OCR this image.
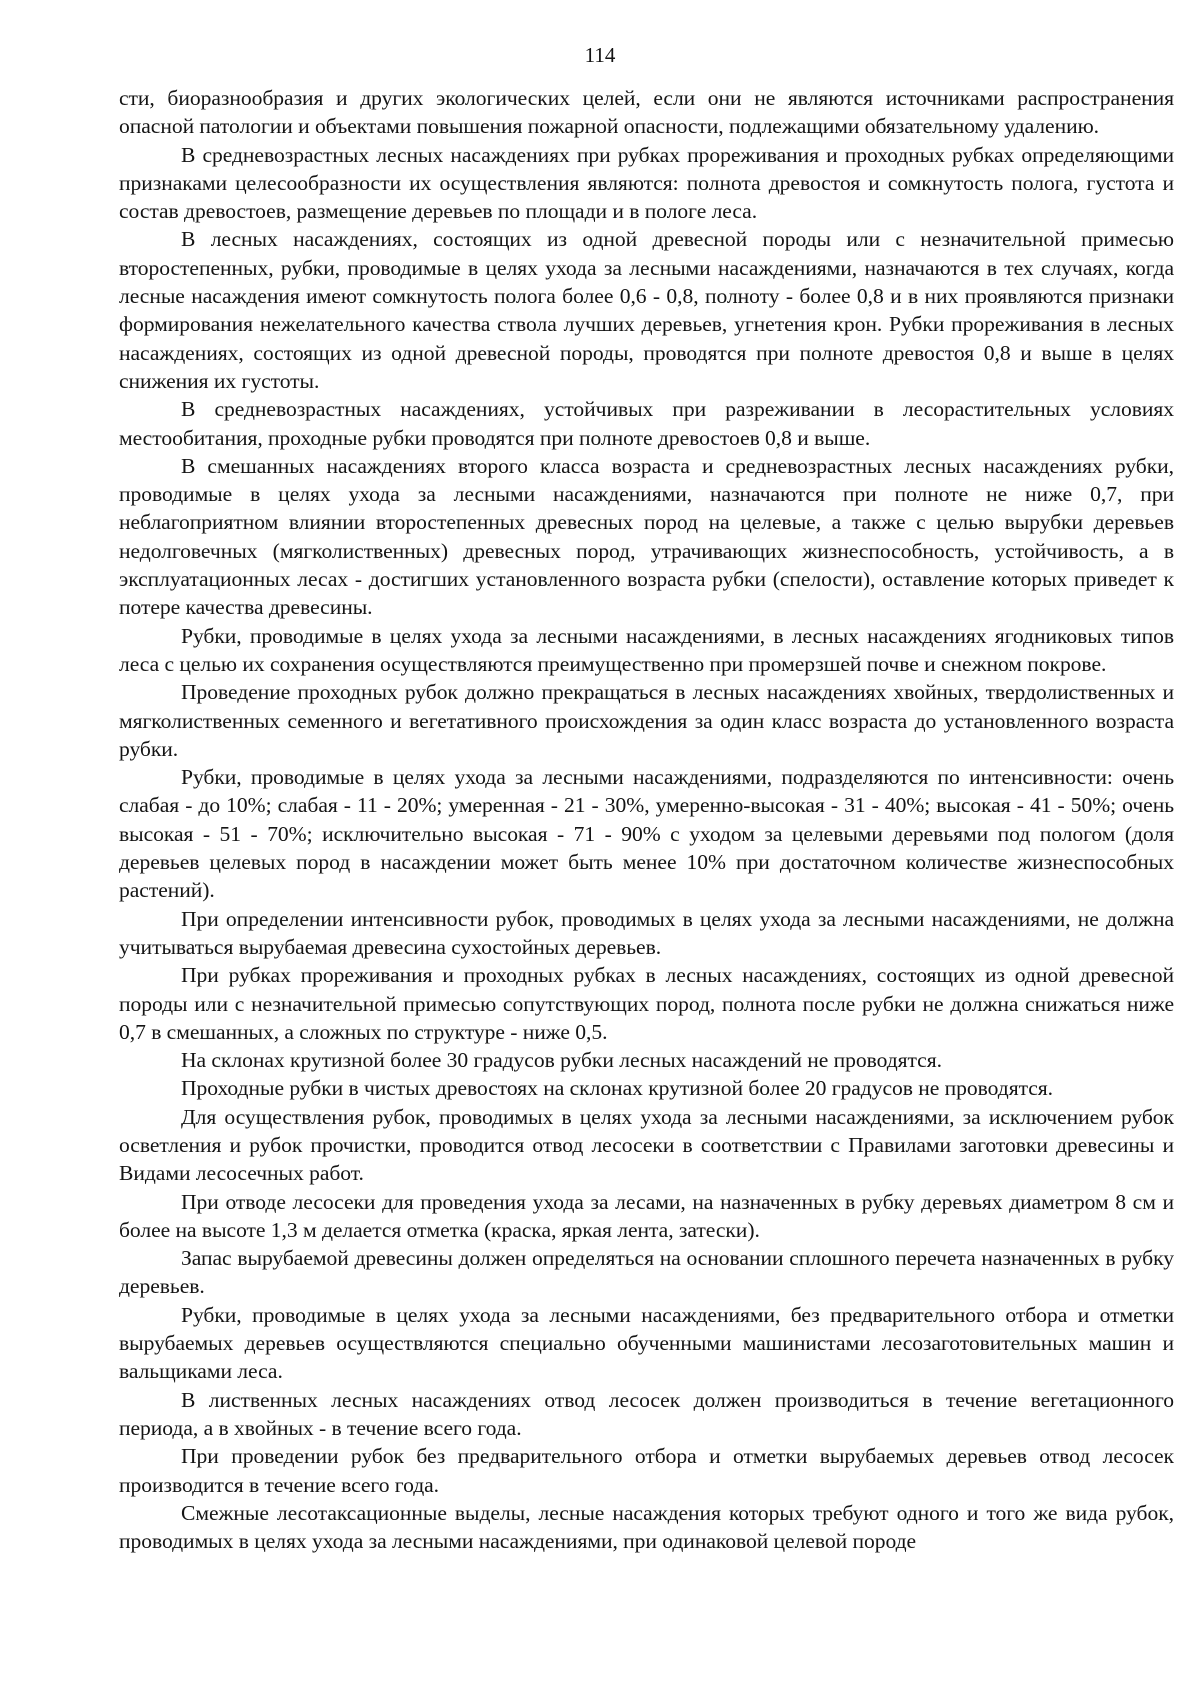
114

сти, биоразнообразия и других экологических целей, если они не являются источниками распространения опасной патологии и объектами повышения пожарной опасности, подлежащими обязательному удалению.

В средневозрастных лесных насаждениях при рубках прореживания и проходных рубках определяющими признаками целесообразности их осуществления являются: полнота древостоя и сомкнутость полога, густота и состав древостоев, размещение деревьев по площади и в пологе леса.

В лесных насаждениях, состоящих из одной древесной породы или с незначительной примесью второстепенных, рубки, проводимые в целях ухода за лесными насаждениями, назначаются в тех случаях, когда лесные насаждения имеют сомкнутость полога более 0,6 - 0,8, полноту - более 0,8 и в них проявляются признаки формирования нежелательного качества ствола лучших деревьев, угнетения крон. Рубки прореживания в лесных насаждениях, состоящих из одной древесной породы, проводятся при полноте древостоя 0,8 и выше в целях снижения их густоты.

В средневозрастных насаждениях, устойчивых при разреживании в лесорастительных условиях местообитания, проходные рубки проводятся при полноте древостоев 0,8 и выше.

В смешанных насаждениях второго класса возраста и средневозрастных лесных насаждениях рубки, проводимые в целях ухода за лесными насаждениями, назначаются при полноте не ниже 0,7, при неблагоприятном влиянии второстепенных древесных пород на целевые, а также с целью вырубки деревьев недолговечных (мягколиственных) древесных пород, утрачивающих жизнеспособность, устойчивость, а в эксплуатационных лесах - достигших установленного возраста рубки (спелости), оставление которых приведет к потере качества древесины.

Рубки, проводимые в целях ухода за лесными насаждениями, в лесных насаждениях ягодниковых типов леса с целью их сохранения осуществляются преимущественно при промерзшей почве и снежном покрове.

Проведение проходных рубок должно прекращаться в лесных насаждениях хвойных, твердолиственных и мягколиственных семенного и вегетативного происхождения за один класс возраста до установленного возраста рубки.

Рубки, проводимые в целях ухода за лесными насаждениями, подразделяются по интенсивности: очень слабая - до 10%; слабая - 11 - 20%; умеренная - 21 - 30%, умеренно-высокая - 31 - 40%; высокая - 41 - 50%; очень высокая - 51 - 70%; исключительно высокая - 71 - 90% с уходом за целевыми деревьями под пологом (доля деревьев целевых пород в насаждении может быть менее 10% при достаточном количестве жизнеспособных растений).

При определении интенсивности рубок, проводимых в целях ухода за лесными насаждениями, не должна учитываться вырубаемая древесина сухостойных деревьев.

При рубках прореживания и проходных рубках в лесных насаждениях, состоящих из одной древесной породы или с незначительной примесью сопутствующих пород, полнота после рубки не должна снижаться ниже 0,7 в смешанных, а сложных по структуре - ниже 0,5.

На склонах крутизной более 30 градусов рубки лесных насаждений не проводятся.

Проходные рубки в чистых древостоях на склонах крутизной более 20 градусов не проводятся.

Для осуществления рубок, проводимых в целях ухода за лесными насаждениями, за исключением рубок осветления и рубок прочистки, проводится отвод лесосеки в соответствии с Правилами заготовки древесины и Видами лесосечных работ.

При отводе лесосеки для проведения ухода за лесами, на назначенных в рубку деревьях диаметром 8 см и более на высоте 1,3 м делается отметка (краска, яркая лента, затески).

Запас вырубаемой древесины должен определяться на основании сплошного перечета назначенных в рубку деревьев.

Рубки, проводимые в целях ухода за лесными насаждениями, без предварительного отбора и отметки вырубаемых деревьев осуществляются специально обученными машинистами лесозаготовительных машин и вальщиками леса.

В лиственных лесных насаждениях отвод лесосек должен производиться в течение вегетационного периода, а в хвойных - в течение всего года.

При проведении рубок без предварительного отбора и отметки вырубаемых деревьев отвод лесосек производится в течение всего года.

Смежные лесотаксационные выделы, лесные насаждения которых требуют одного и того же вида рубок, проводимых в целях ухода за лесными насаждениями, при одинаковой целевой породе
